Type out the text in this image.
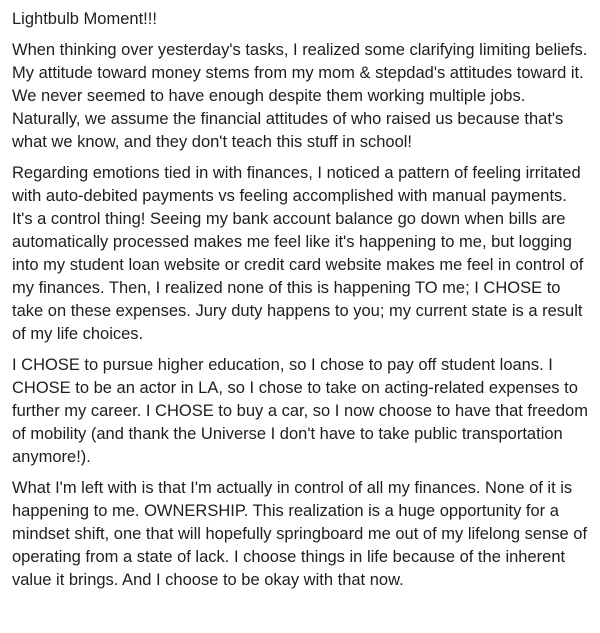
Lightbulb Moment!!!

When thinking over yesterday's tasks, I realized some clarifying limiting beliefs. My attitude toward money stems from my mom & stepdad's attitudes toward it. We never seemed to have enough despite them working multiple jobs. Naturally, we assume the financial attitudes of who raised us because that's what we know, and they don't teach this stuff in school!

Regarding emotions tied in with finances, I noticed a pattern of feeling irritated with auto-debited payments vs feeling accomplished with manual payments. It's a control thing! Seeing my bank account balance go down when bills are automatically processed makes me feel like it's happening to me, but logging into my student loan website or credit card website makes me feel in control of my finances. Then, I realized none of this is happening TO me; I CHOSE to take on these expenses. Jury duty happens to you; my current state is a result of my life choices.

I CHOSE to pursue higher education, so I chose to pay off student loans. I CHOSE to be an actor in LA, so I chose to take on acting-related expenses to further my career. I CHOSE to buy a car, so I now choose to have that freedom of mobility (and thank the Universe I don't have to take public transportation anymore!).

What I'm left with is that I'm actually in control of all my finances. None of it is happening to me. OWNERSHIP. This realization is a huge opportunity for a mindset shift, one that will hopefully springboard me out of my lifelong sense of operating from a state of lack. I choose things in life because of the inherent value it brings. And I choose to be okay with that now.
